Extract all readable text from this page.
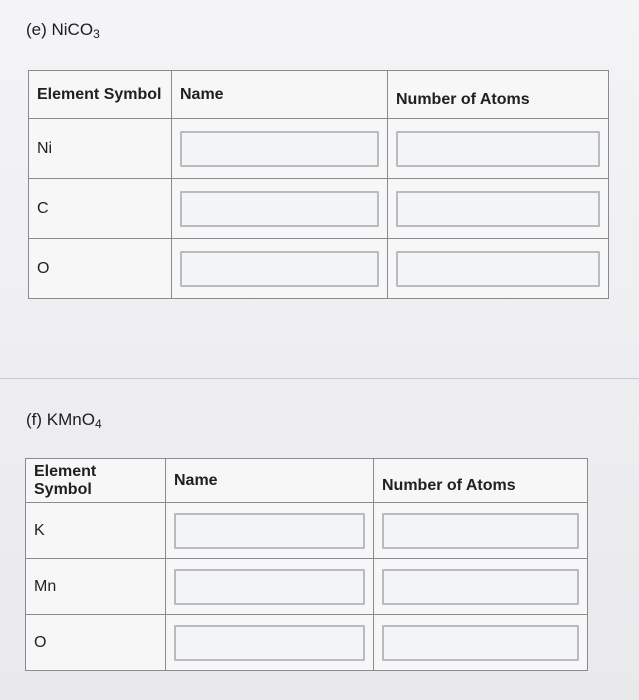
(e) NiCO$_3$
Element Symbol	Name	Number of Atoms
Ni	

C	

O	

(f) KMnO$_4$
Element Symbol	Name	Number of Atoms
K	

Mn	

O	
